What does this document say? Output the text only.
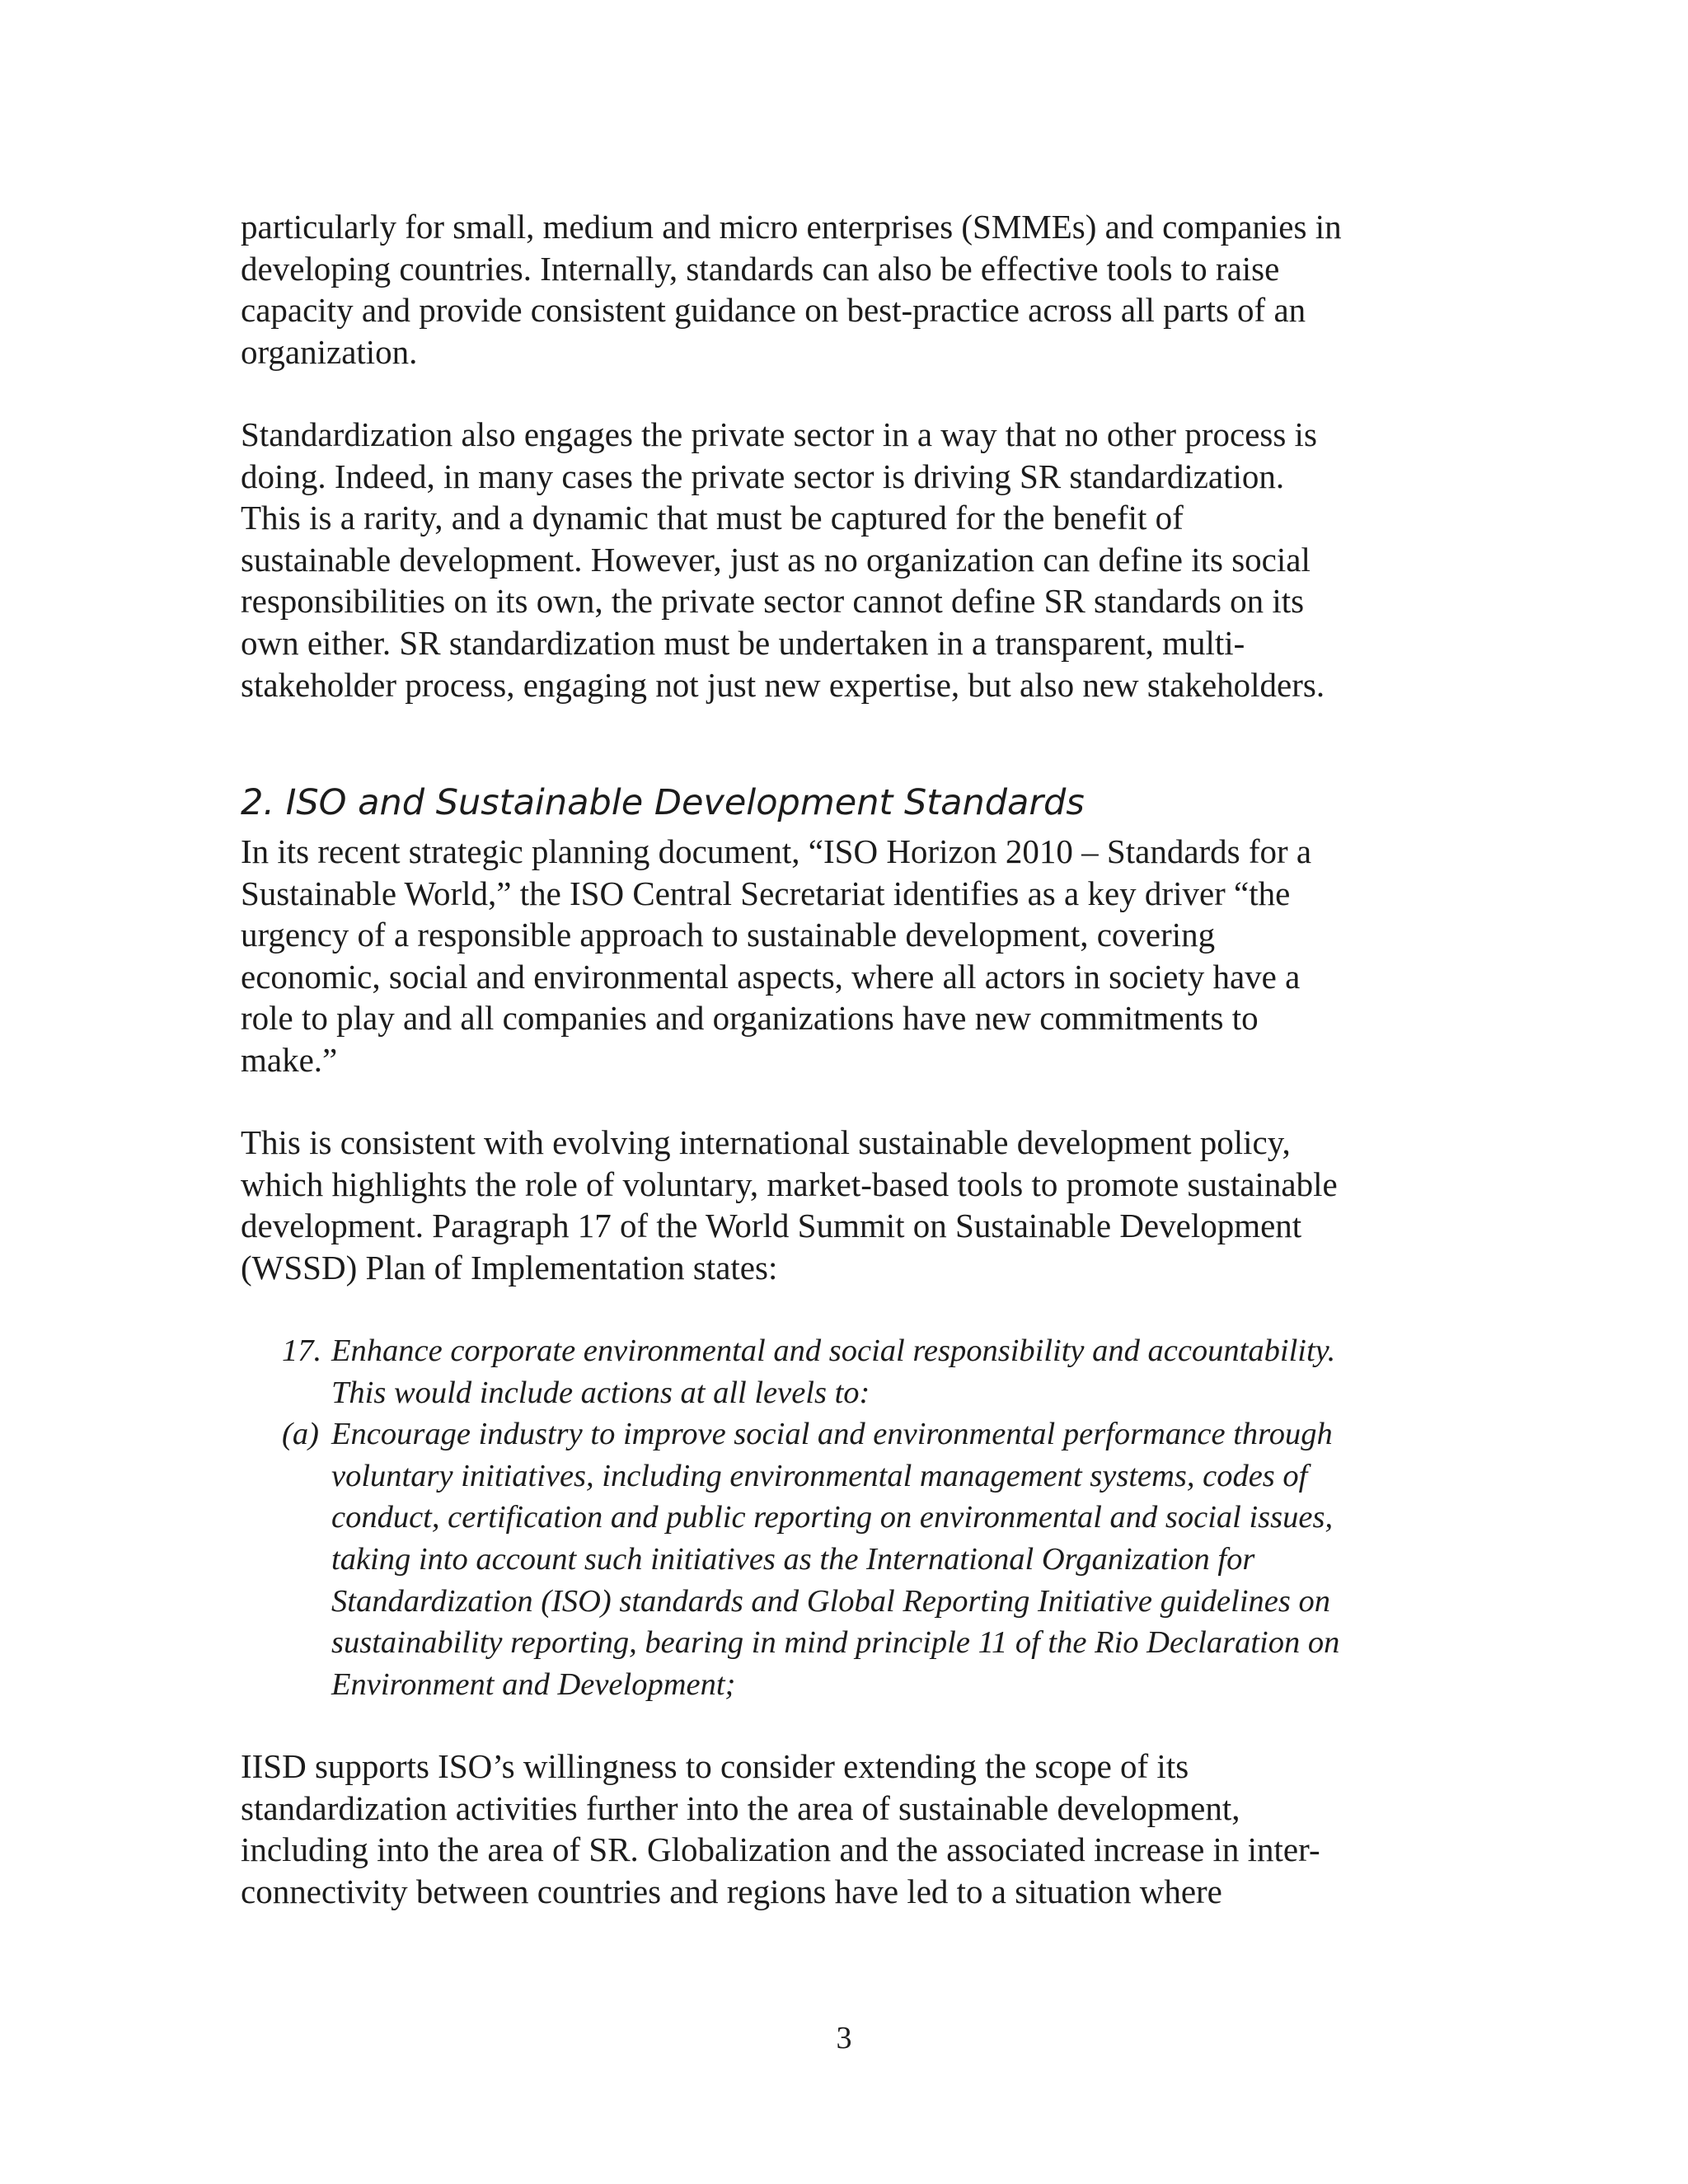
particularly for small, medium and micro enterprises (SMMEs) and companies in
developing countries. Internally, standards can also be effective tools to raise
capacity and provide consistent guidance on best-practice across all parts of an
organization.

Standardization also engages the private sector in a way that no other process is
doing. Indeed, in many cases the private sector is driving SR standardization.
This is a rarity, and a dynamic that must be captured for the benefit of
sustainable development. However, just as no organization can define its social
responsibilities on its own, the private sector cannot define SR standards on its
own either. SR standardization must be undertaken in a transparent, multi-
stakeholder process, engaging not just new expertise, but also new stakeholders.

2. ISO and Sustainable Development Standards

In its recent strategic planning document, “ISO Horizon 2010 – Standards for a
Sustainable World,” the ISO Central Secretariat identifies as a key driver “the
urgency of a responsible approach to sustainable development, covering
economic, social and environmental aspects, where all actors in society have a
role to play and all companies and organizations have new commitments to
make.”

This is consistent with evolving international sustainable development policy,
which highlights the role of voluntary, market-based tools to promote sustainable
development. Paragraph 17 of the World Summit on Sustainable Development
(WSSD) Plan of Implementation states:

17. Enhance corporate environmental and social responsibility and accountability.
This would include actions at all levels to:
(a) Encourage industry to improve social and environmental performance through
voluntary initiatives, including environmental management systems, codes of
conduct, certification and public reporting on environmental and social issues,
taking into account such initiatives as the International Organization for
Standardization (ISO) standards and Global Reporting Initiative guidelines on
sustainability reporting, bearing in mind principle 11 of the Rio Declaration on
Environment and Development;

IISD supports ISO’s willingness to consider extending the scope of its
standardization activities further into the area of sustainable development,
including into the area of SR. Globalization and the associated increase in inter-
connectivity between countries and regions have led to a situation where

3
